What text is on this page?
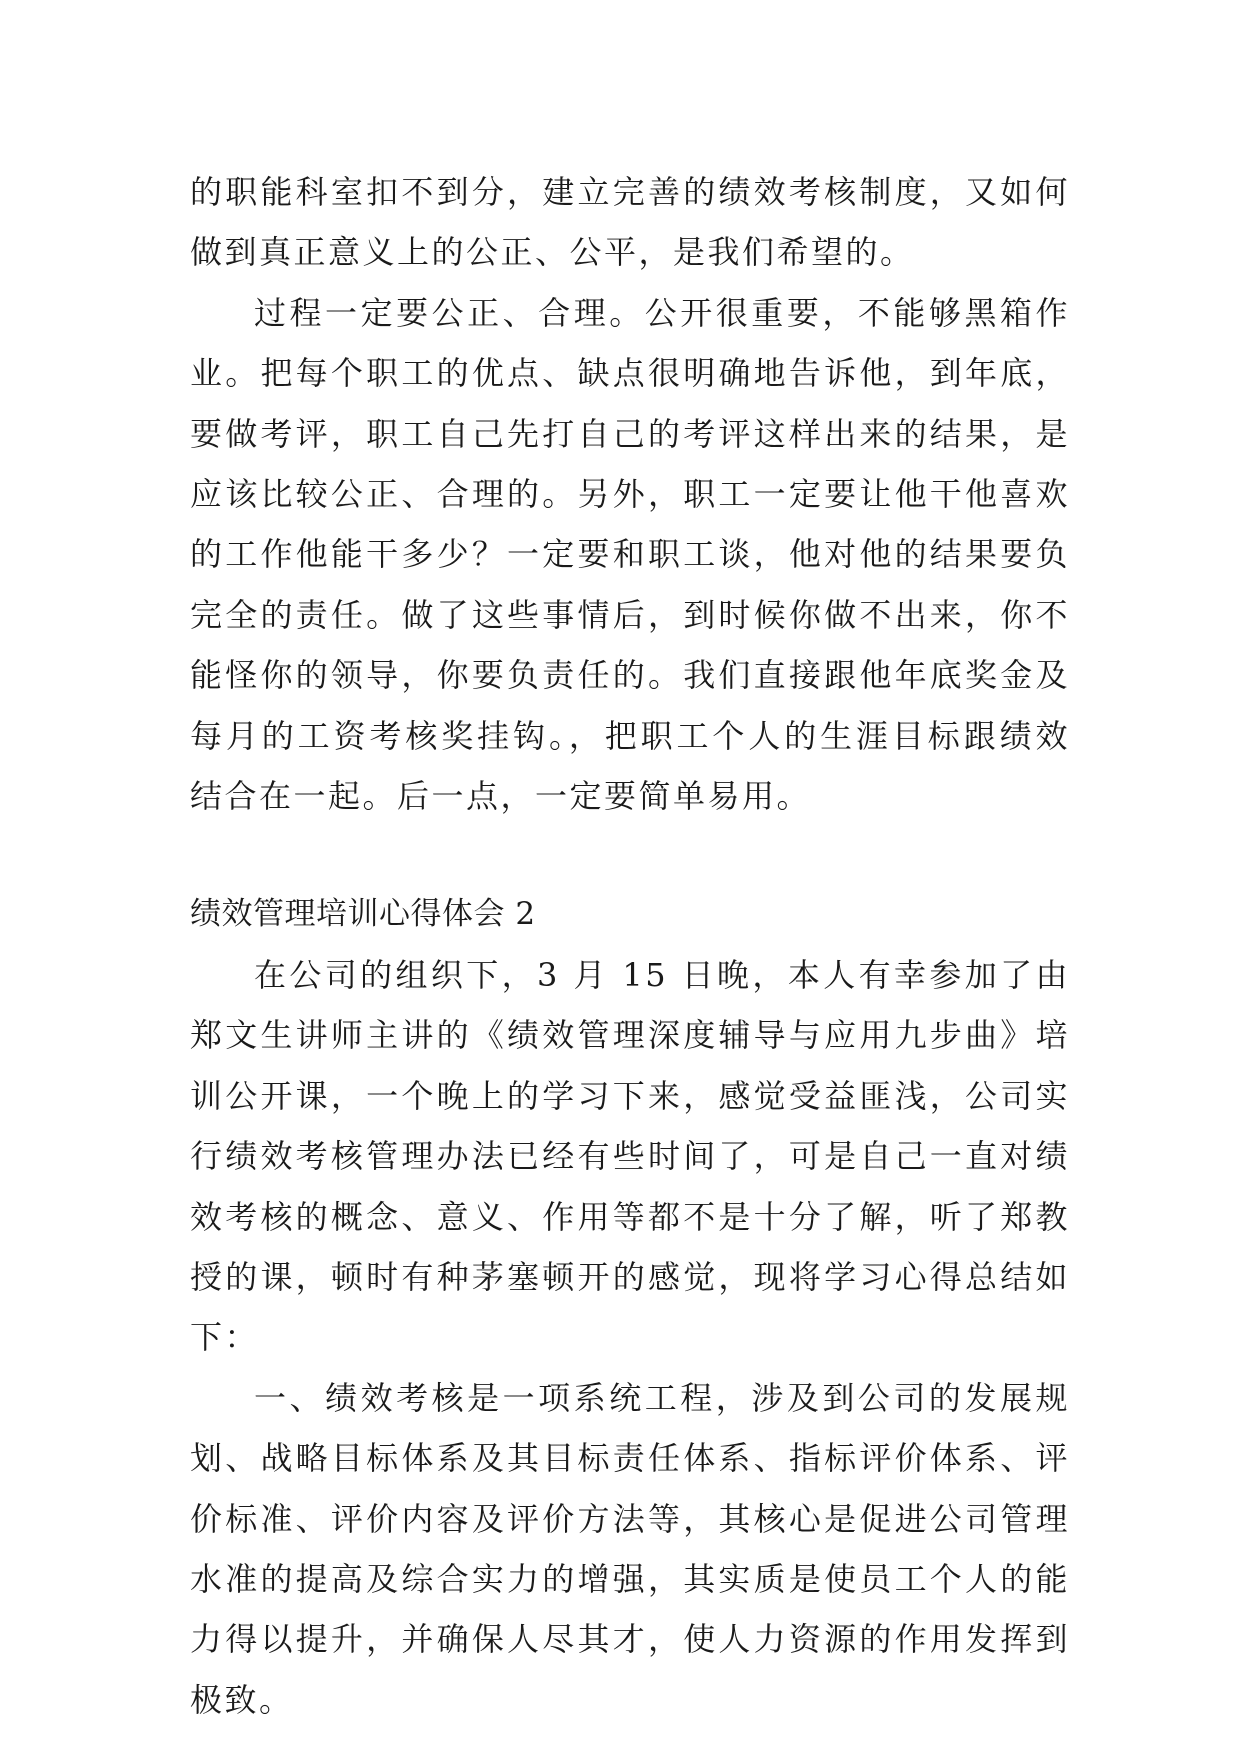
的职能科室扣不到分，建立完善的绩效考核制度，又如何做到真正意义上的公正、公平，是我们希望的。

过程一定要公正、合理。公开很重要，不能够黑箱作业。把每个职工的优点、缺点很明确地告诉他，到年底，要做考评，职工自己先打自己的考评这样出来的结果，是应该比较公正、合理的。另外，职工一定要让他干他喜欢的工作他能干多少？一定要和职工谈，他对他的结果要负完全的责任。做了这些事情后，到时候你做不出来，你不能怪你的领导，你要负责任的。我们直接跟他年底奖金及每月的工资考核奖挂钩。，把职工个人的生涯目标跟绩效结合在一起。后一点，一定要简单易用。

绩效管理培训心得体会 2

在公司的组织下，3 月 15 日晚，本人有幸参加了由郑文生讲师主讲的《绩效管理深度辅导与应用九步曲》培训公开课，一个晚上的学习下来，感觉受益匪浅，公司实行绩效考核管理办法已经有些时间了，可是自己一直对绩效考核的概念、意义、作用等都不是十分了解，听了郑教授的课，顿时有种茅塞顿开的感觉，现将学习心得总结如下：

一、绩效考核是一项系统工程，涉及到公司的发展规划、战略目标体系及其目标责任体系、指标评价体系、评价标准、评价内容及评价方法等，其核心是促进公司管理水准的提高及综合实力的增强，其实质是使员工个人的能力得以提升，并确保人尽其才，使人力资源的作用发挥到极致。
